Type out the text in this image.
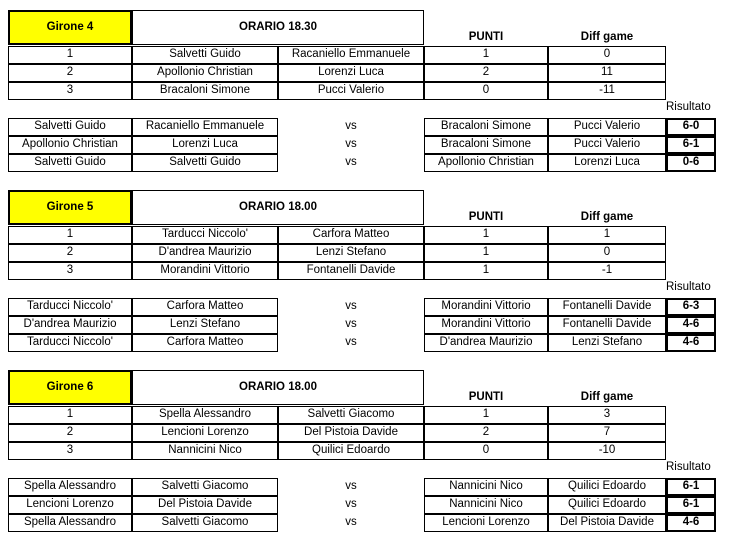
Girone 4	ORARIO 18.30
PUNTI	Diff game
1	Salvetti Guido	Racaniello Emmanuele	1	0
2	Apollonio Christian	Lorenzi Luca	2	11
3	Bracaloni Simone	Pucci Valerio	0	-11
Risultato
Salvetti Guido	Racaniello Emmanuele	vs	Bracaloni Simone	Pucci Valerio	6-0
Apollonio Christian	Lorenzi Luca	vs	Bracaloni Simone	Pucci Valerio	6-1
Salvetti Guido	Salvetti Guido	vs	Apollonio Christian	Lorenzi Luca	0-6
Girone 5	ORARIO 18.00
PUNTI	Diff game
1	Tarducci Niccolo'	Carfora Matteo	1	1
2	D'andrea Maurizio	Lenzi Stefano	1	0
3	Morandini Vittorio	Fontanelli Davide	1	-1
Risultato
Tarducci Niccolo'	Carfora Matteo	vs	Morandini Vittorio	Fontanelli Davide	6-3
D'andrea Maurizio	Lenzi Stefano	vs	Morandini Vittorio	Fontanelli Davide	4-6
Tarducci Niccolo'	Carfora Matteo	vs	D'andrea Maurizio	Lenzi Stefano	4-6
Girone 6	ORARIO 18.00
PUNTI	Diff game
1	Spella Alessandro	Salvetti Giacomo	1	3
2	Lencioni Lorenzo	Del Pistoia Davide	2	7
3	Nannicini Nico	Quilici Edoardo	0	-10
Risultato
Spella Alessandro	Salvetti Giacomo	vs	Nannicini Nico	Quilici Edoardo	6-1
Lencioni Lorenzo	Del Pistoia Davide	vs	Nannicini Nico	Quilici Edoardo	6-1
Spella Alessandro	Salvetti Giacomo	vs	Lencioni Lorenzo	Del Pistoia Davide	4-6
